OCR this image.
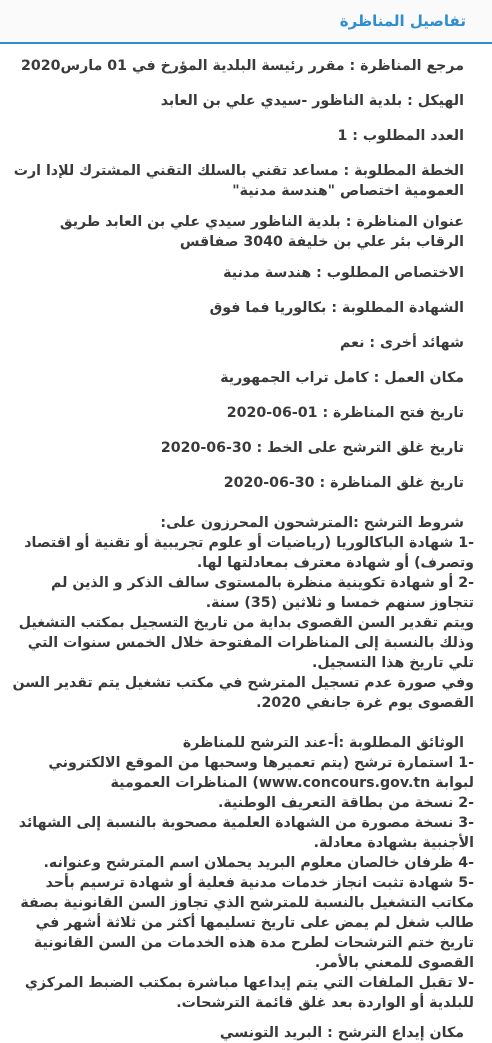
تفاصيل المناظرة
مرجع المناظرة : مقرر رئيسة البلدية المؤرخ في 01 مارس2020
الهيكل : بلدية الناظور -سيدي علي بن العابد
العدد المطلوب : 1
الخطة المطلوبة : مساعد تقني بالسلك التقني المشترك للإدا ارت العمومية اختصاص "هندسة مدنية"
عنوان المناظرة : بلدية الناظور سيدي علي بن العابد طريق الرقاب بئر علي بن خليفة 3040 صفاقس
الاختصاص المطلوب : هندسة مدنية
الشهادة المطلوبة : بكالوريا فما فوق
شهائد أخرى : نعم
مكان العمل : كامل تراب الجمهورية
تاريخ فتح المناظرة : 01-06-2020
تاريخ غلق الترشح على الخط : 30-06-2020
تاريخ غلق المناظرة : 30-06-2020

شروط الترشح :المترشحون المحرزون على:

-1 شهادة الباكالوريا (رياضيات أو علوم تجريبية أو تقنية أو اقتصاد وتصرف) أو شهادة معترف بمعادلتها لها.

-2 أو شهادة تكوينية منظرة بالمستوى سالف الذكر و الذين لم تتجاوز سنهم خمسا و ثلاثين (35) سنة.

ويتم تقدير السن القصوى بداية من تاريخ التسجيل بمكتب التشغيل وذلك بالنسبة إلى المناظرات المفتوحة خلال الخمس سنوات التي تلي تاريخ هذا التسجيل.

وفي صورة عدم تسجيل المترشح في مكتب تشغيل يتم تقدير السن القصوى يوم غرة جانفي 2020.

الوثائق المطلوبة :أ-عند الترشح للمناظرة

-1 استمارة ترشح (يتم تعميرها وسحبها من الموقع الالكتروني لبوابة www.concours.gov.tn) المناظرات العمومية

-2 نسخة من بطاقة التعريف الوطنية.

-3 نسخة مصورة من الشهادة العلمية مصحوبة بالنسبة إلى الشهائد الأجنبية بشهادة معادلة.

-4 ظرفان خالصان معلوم البريد يحملان اسم المترشح وعنوانه.

-5 شهادة تثبت انجاز خدمات مدنية فعلية أو شهادة ترسيم بأحد مكاتب التشغيل بالنسبة للمترشح الذي تجاوز السن القانونية بصفة طالب شغل لم يمض على تاريخ تسليمها أكثر من ثلاثة أشهر في تاريخ ختم الترشحات لطرح مدة هذه الخدمات من السن القانونية القصوى للمعني بالأمر.

-لا تقبل الملفات التي يتم إيداعها مباشرة بمكتب الضبط المركزي للبلدية أو الواردة بعد غلق قائمة الترشحات.

مكان إيداع الترشح : البريد التونسي
